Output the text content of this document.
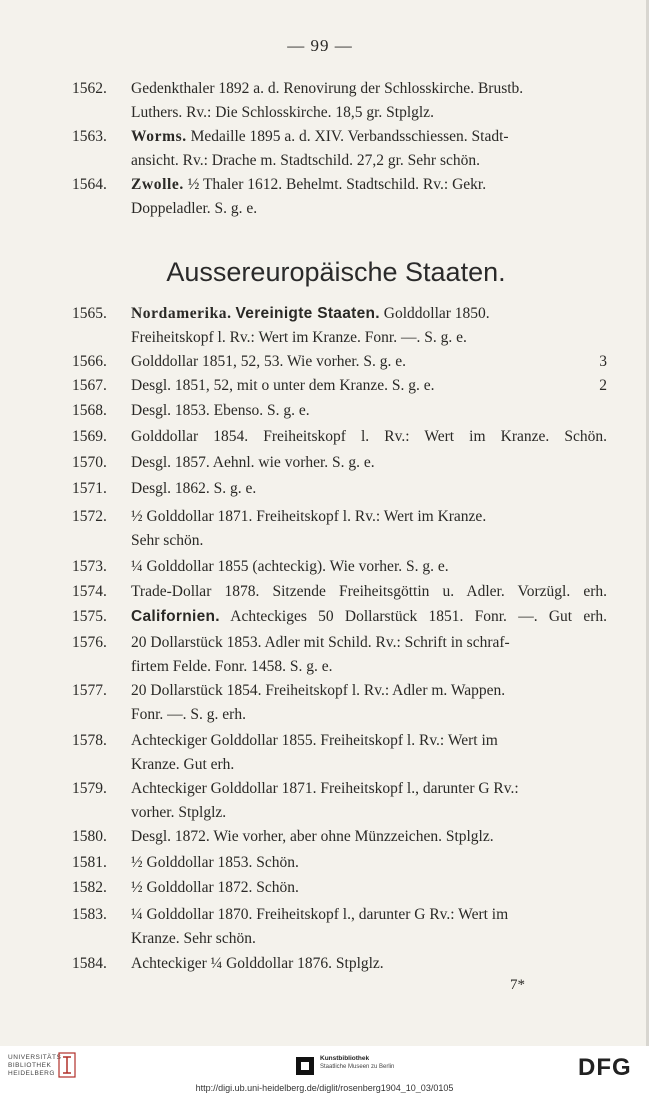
— 99 —
1562.	Gedenkthaler 1892 a. d. Renovirung der Schlosskirche. Brustb.
Luthers. Rv.: Die Schlosskirche. 18,5 gr. Stplglz.
1563.	Worms. Medaille 1895 a. d. XIV. Verbandsschiessen. Stadt-
ansicht. Rv.: Drache m. Stadtschild. 27,2 gr. Sehr schön.
1564.	Zwolle. ½ Thaler 1612. Behelmt. Stadtschild. Rv.: Gekr.
Doppeladler. S. g. e.
Aussereuropäische Staaten.
1565.	Nordamerika. Vereinigte Staaten. Golddollar 1850.
Freiheitskopf l. Rv.: Wert im Kranze. Fonr. —. S. g. e.
1566.	Golddollar 1851, 52, 53. Wie vorher. S. g. e.	3
1567.	Desgl. 1851, 52, mit o unter dem Kranze. S. g. e.	2
1568.	Desgl. 1853. Ebenso. S. g. e.
1569.	Golddollar 1854. Freiheitskopf l. Rv.: Wert im Kranze. Schön.
1570.	Desgl. 1857. Aehnl. wie vorher. S. g. e.
1571.	Desgl. 1862. S. g. e.
1572.	½ Golddollar 1871. Freiheitskopf l. Rv.: Wert im Kranze.
Sehr schön.
1573.	¼ Golddollar 1855 (achteckig). Wie vorher. S. g. e.
1574.	Trade-Dollar 1878. Sitzende Freiheitsgöttin u. Adler. Vorzügl. erh.
1575.	Californien. Achteckiges 50 Dollarstück 1851. Fonr. —. Gut erh.
1576.	20 Dollarstück 1853. Adler mit Schild. Rv.: Schrift in schraf-
firtem Felde. Fonr. 1458. S. g. e.
1577.	20 Dollarstück 1854. Freiheitskopf l. Rv.: Adler m. Wappen.
Fonr. —. S. g. erh.
1578.	Achteckiger Golddollar 1855. Freiheitskopf l. Rv.: Wert im
Kranze. Gut erh.
1579.	Achteckiger Golddollar 1871. Freiheitskopf l., darunter G Rv.:
vorher. Stplglz.
1580.	Desgl. 1872. Wie vorher, aber ohne Münzzeichen. Stplglz.
1581.	½ Golddollar 1853. Schön.
1582.	½ Golddollar 1872. Schön.
1583.	¼ Golddollar 1870. Freiheitskopf l., darunter G Rv.: Wert im
Kranze. Sehr schön.
1584.	Achteckiger ¼ Golddollar 1876. Stplglz.
7*
UNIVERSITÄTS
BIBLIOTHEK
HEIDELBERG
Kunstbibliothek
Staatliche Museen zu Berlin	DFG
http://digi.ub.uni-heidelberg.de/diglit/rosenberg1904_10_03/0105
